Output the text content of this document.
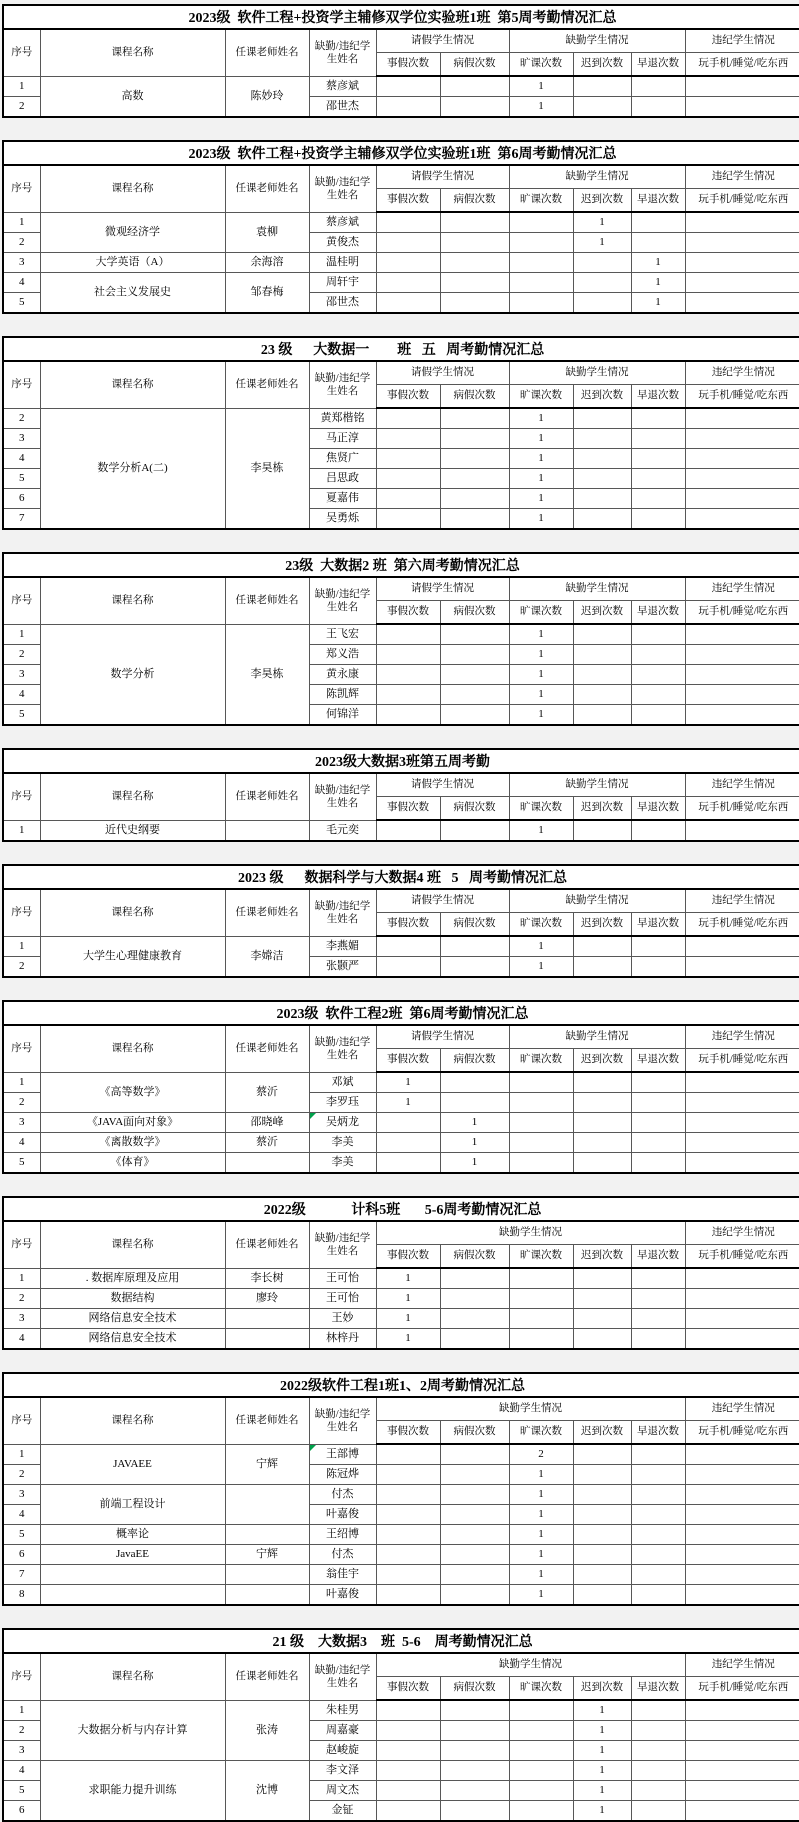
2023级  软件工程+投资学主辅修双学位实验班1班  第5周考勤情况汇总									
序号	课程名称	任课老师姓名	缺勤/违纪学生姓名	请假学生情况		缺勤学生情况			违纪学生情况
				事假次数	病假次数	旷课次数	迟到次数	早退次数	玩手机/睡觉/吃东西
1	高数	陈妙玲	蔡彦斌			1			
2			邵世杰			1			
2023级  软件工程+投资学主辅修双学位实验班1班  第6周考勤情况汇总									
序号	课程名称	任课老师姓名	缺勤/违纪学生姓名	请假学生情况		缺勤学生情况			违纪学生情况
				事假次数	病假次数	旷课次数	迟到次数	早退次数	玩手机/睡觉/吃东西
1	微观经济学	袁柳	蔡彦斌				1		
2			黄俊杰				1		
3	大学英语（A）	余海溶	温桂明					1	
4	社会主义发展史	邹春梅	周轩宇					1	
5			邵世杰					1	
23 级      大数据一        班   五   周考勤情况汇总									
序号	课程名称	任课老师姓名	缺勤/违纪学生姓名	请假学生情况		缺勤学生情况			违纪学生情况
				事假次数	病假次数	旷课次数	迟到次数	早退次数	玩手机/睡觉/吃东西
2	数学分析A(二)	李昊栋	黄郑楷铭			1			
3			马正淳			1			
4			焦贤广			1			
5			吕思政			1			
6			夏嘉伟			1			
7			吴勇烁			1			
23级  大数据2 班  第六周考勤情况汇总									
序号	课程名称	任课老师姓名	缺勤/违纪学生姓名	请假学生情况		缺勤学生情况			违纪学生情况
				事假次数	病假次数	旷课次数	迟到次数	早退次数	玩手机/睡觉/吃东西
1	数学分析	李昊栋	王飞宏			1			
2			郑义浩			1			
3			黄永康			1			
4			陈凯辉			1			
5			何锦洋			1			
2023级大数据3班第五周考勤									
序号	课程名称	任课老师姓名	缺勤/违纪学生姓名	请假学生情况		缺勤学生情况			违纪学生情况
				事假次数	病假次数	旷课次数	迟到次数	早退次数	玩手机/睡觉/吃东西
1	近代史纲要		毛元奕			1			
2023 级      数据科学与大数据4 班   5   周考勤情况汇总									
序号	课程名称	任课老师姓名	缺勤/违纪学生姓名	请假学生情况		缺勤学生情况			违纪学生情况
				事假次数	病假次数	旷课次数	迟到次数	早退次数	玩手机/睡觉/吃东西
1	大学生心理健康教育	李嫦洁	李燕媚			1			
2			张颢严			1			
2023级  软件工程2班  第6周考勤情况汇总									
序号	课程名称	任课老师姓名	缺勤/违纪学生姓名	请假学生情况		缺勤学生情况			违纪学生情况
				事假次数	病假次数	旷课次数	迟到次数	早退次数	玩手机/睡觉/吃东西
1	《高等数学》	蔡沂	邓斌	1					
2			李罗珏	1					
3	《JAVA面向对象》	邵晓峰	吴炳龙		1				
4	《离散数学》	蔡沂	李美		1				
5	《体育》		李美		1				
2022级             计科5班       5-6周考勤情况汇总									
序号	课程名称	任课老师姓名	缺勤/违纪学生姓名	缺勤学生情况					违纪学生情况
				事假次数	病假次数	旷课次数	迟到次数	早退次数	玩手机/睡觉/吃东西
1	. 数据库原理及应用	李长树	王可怡	1					
2	数据结构	廖玲	王可怡	1					
3	网络信息安全技术		王妙	1					
4	网络信息安全技术		林梓丹	1					
2022级软件工程1班1、2周考勤情况汇总									
序号	课程名称	任课老师姓名	缺勤/违纪学生姓名	缺勤学生情况					违纪学生情况
				事假次数	病假次数	旷课次数	迟到次数	早退次数	玩手机/睡觉/吃东西
1	JAVAEE	宁辉	王部博			2			
2			陈冠烨			1			
3	前端工程设计		付杰			1			
4			叶嘉俊			1			
5	概率论		王绍博			1			
6	JavaEE	宁辉	付杰			1			
7			翁佳宇			1			
8			叶嘉俊			1			
21 级    大数据3    班  5-6    周考勤情况汇总									
序号	课程名称	任课老师姓名	缺勤/违纪学生姓名	缺勤学生情况					违纪学生情况
				事假次数	病假次数	旷课次数	迟到次数	早退次数	玩手机/睡觉/吃东西
1	大数据分析与内存计算	张涛	朱桂男				1		
2			周嘉豪				1		
3			赵峻旋				1		
4	求职能力提升训练	沈博	李文泽				1		
5			周文杰				1		
6			金钲				1		
